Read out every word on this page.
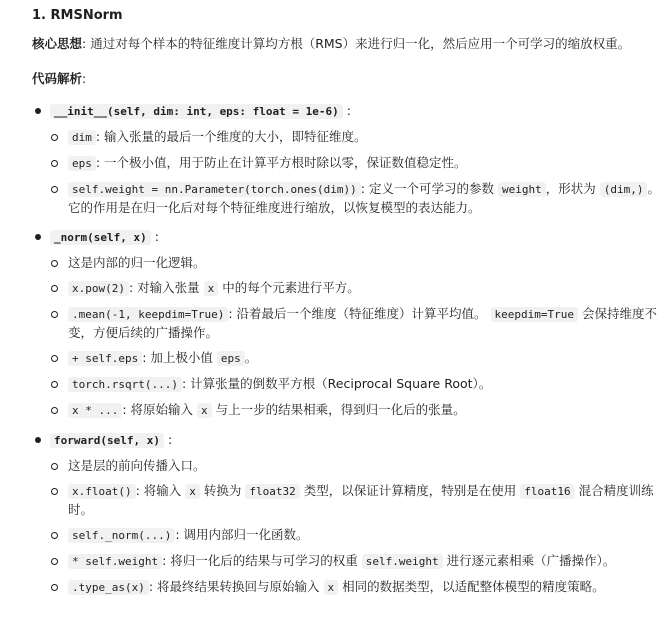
1. RMSNorm
核心思想: 通过对每个样本的特征维度计算均方根（RMS）来进行归一化，然后应用一个可学习的缩放权重。
代码解析:
__init__(self, dim: int, eps: float = 1e-6) :
dim : 输入张量的最后一个维度的大小，即特征维度。
eps : 一个极小值，用于防止在计算平方根时除以零，保证数值稳定性。
self.weight = nn.Parameter(torch.ones(dim)) : 定义一个可学习的参数 weight ，形状为 (dim,) 。它的作用是在归一化后对每个特征维度进行缩放，以恢复模型的表达能力。
_norm(self, x) :
这是内部的归一化逻辑。
x.pow(2) : 对输入张量 x 中的每个元素进行平方。
.mean(-1, keepdim=True) : 沿着最后一个维度（特征维度）计算平均值。 keepdim=True 会保持维度不变，方便后续的广播操作。
+ self.eps : 加上极小值 eps 。
torch.rsqrt(...) : 计算张量的倒数平方根（Reciprocal Square Root）。
x * ... : 将原始输入 x 与上一步的结果相乘，得到归一化后的张量。
forward(self, x) :
这是层的前向传播入口。
x.float() : 将输入 x 转换为 float32 类型，以保证计算精度，特别是在使用 float16 混合精度训练时。
self._norm(...) : 调用内部归一化函数。
* self.weight : 将归一化后的结果与可学习的权重 self.weight 进行逐元素相乘（广播操作）。
.type_as(x) : 将最终结果转换回与原始输入 x 相同的数据类型，以适配整体模型的精度策略。
